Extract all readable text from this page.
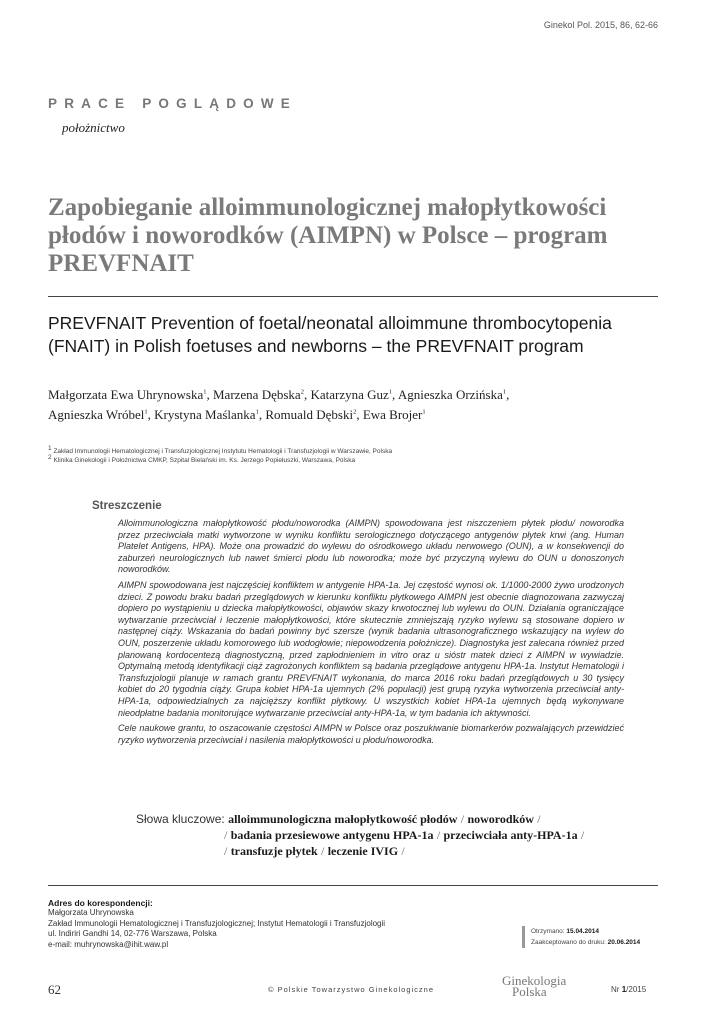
Ginekol Pol. 2015, 86, 62-66
PRACE POGLĄDOWE
położnictwo
Zapobieganie alloimmunologicznej małopłytkowości płodów i noworodków (AIMPN) w Polsce – program PREVFNAIT
PREVFNAIT Prevention of foetal/neonatal alloimmune thrombocytopenia (FNAIT) in Polish foetuses and newborns – the PREVFNAIT program
Małgorzata Ewa Uhrynowska$^1$, Marzena Dębska$^2$, Katarzyna Guz$^1$, Agnieszka Orzińska$^1$,
Agnieszka Wróbel$^1$, Krystyna Maślanka$^1$, Romuald Dębski$^2$, Ewa Brojer$^1$
$^1$ Zakład Immunologii Hematologicznej i Transfuzjologicznej Instytutu Hematologii i Transfuzjologii w Warszawie, Polska
$^2$ Klinika Ginekologii i Położnictwa CMKP, Szpital Bielański im. Ks. Jerzego Popiełuszki, Warszawa, Polska
Streszczenie

Alloimmunologiczna małopłytkowość płodu/noworodka (AIMPN) spowodowana jest niszczeniem płytek płodu/ noworodka przez przeciwciała matki wytworzone w wyniku konfliktu serologicznego dotyczącego antygenów płytek krwi (ang. Human Platelet Antigens, HPA). Może ona prowadzić do wylewu do ośrodkowego układu nerwowego (OUN), a w konsekwencji do zaburzeń neurologicznych lub nawet śmierci płodu lub noworodka; może być przyczyną wylewu do OUN u donoszonych noworodków.

AIMPN spowodowana jest najczęściej konfliktem w antygenie HPA-1a. Jej częstość wynosi ok. 1/1000-2000 żywo urodzonych dzieci. Z powodu braku badań przeglądowych w kierunku konfliktu płytkowego AIMPN jest obecnie diagnozowana zazwyczaj dopiero po wystąpieniu u dziecka małopłytkowości, objawów skazy krwotocznej lub wylewu do OUN. Działania ograniczające wytwarzanie przeciwciał i leczenie małopłytkowości, które skutecznie zmniejszają ryzyko wylewu są stosowane dopiero w następnej ciąży. Wskazania do badań powinny być szersze (wynik badania ultrasonograficznego wskazujący na wylew do OUN, poszerzenie układu komorowego lub wodogłowie; niepowodzenia położnicze). Diagnostyka jest zalecana również przed planowaną kordocentezą diagnostyczną, przed zapłodnieniem in vitro oraz u sióstr matek dzieci z AIMPN w wywiadzie. Optymalną metodą identyfikacji ciąż zagrożonych konfliktem są badania przeglądowe antygenu HPA-1a. Instytut Hematologii i Transfuzjologii planuje w ramach grantu PREVFNAIT wykonania, do marca 2016 roku badań przeglądowych u 30 tysięcy kobiet do 20 tygodnia ciąży. Grupa kobiet HPA-1a ujemnych (2% populacji) jest grupą ryzyka wytworzenia przeciwciał anty-HPA-1a, odpowiedzialnych za najcięższy konflikt płytkowy. U wszystkich kobiet HPA-1a ujemnych będą wykonywane nieodpłatne badania monitorujące wytwarzanie przeciwciał anty-HPA-1a, w tym badania ich aktywności.

Cele naukowe grantu, to oszacowanie częstości AIMPN w Polsce oraz poszukiwanie biomarkerów pozwalających przewidzieć ryzyko wytworzenia przeciwciał i nasilenia małopłytkowości u płodu/noworodka.

Słowa kluczowe: alloimmunologiczna małopłytkowość płodów / noworodków /
/ badania przesiewowe antygenu HPA-1a / przeciwciała anty-HPA-1a /
/ transfuzje płytek / leczenie IVIG /
Adres do korespondencji:
Małgorzata Uhrynowska
Zakład Immunologii Hematologicznej i Transfuzjologicznej; Instytut Hematologii i Transfuzjologii
ul. Indiriri Gandhi 14, 02-776 Warszawa, Polska
e-mail: muhrynowska@ihit.waw.pl
Otrzymano: 15.04.2014
Zaakceptowano do druku: 20.06.2014
62	© Polskie Towarzystwo Ginekologiczne
Ginekologia
Polska	Nr 1/2015
